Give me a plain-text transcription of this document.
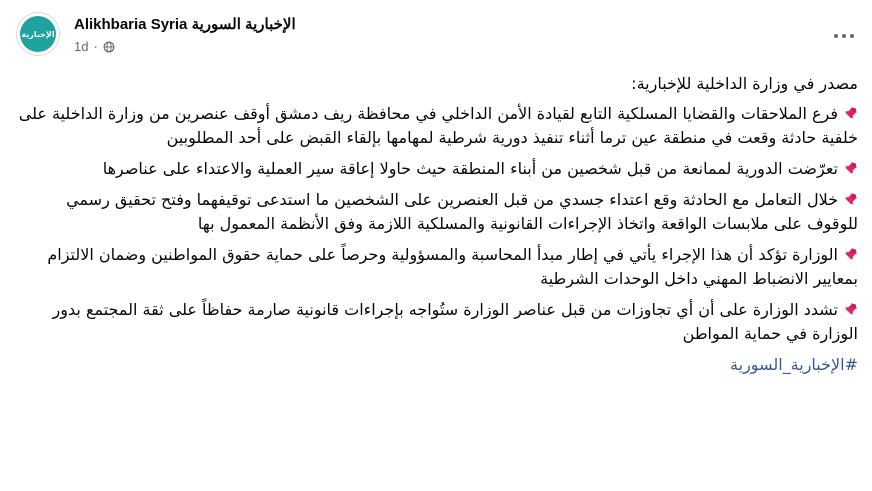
الإخبارية
Alikhbaria Syria الإخبارية السورية
1d ·

مصدر في وزارة الداخلية للإخبارية:

فرع الملاحقات والقضايا المسلكية التابع لقيادة الأمن الداخلي في محافظة ريف دمشق أوقف عنصرين من وزارة الداخلية على خلفية حادثة وقعت في منطقة عين ترما أثناء تنفيذ دورية شرطية لمهامها بإلقاء القبض على أحد المطلوبين

تعرّضت الدورية لممانعة من قبل شخصين من أبناء المنطقة حيث حاولا إعاقة سير العملية والاعتداء على عناصرها

خلال التعامل مع الحادثة وقع اعتداء جسدي من قبل العنصرين على الشخصين ما استدعى توقيفهما وفتح تحقيق رسمي للوقوف على ملابسات الواقعة واتخاذ الإجراءات القانونية والمسلكية اللازمة وفق الأنظمة المعمول بها

الوزارة تؤكد أن هذا الإجراء يأتي في إطار مبدأ المحاسبة والمسؤولية وحرصاً على حماية حقوق المواطنين وضمان الالتزام بمعايير الانضباط المهني داخل الوحدات الشرطية

تشدد الوزارة على أن أي تجاوزات من قبل عناصر الوزارة ستُواجه بإجراءات قانونية صارمة حفاظاً على ثقة المجتمع بدور الوزارة في حماية المواطن

#الإخبارية_السورية
